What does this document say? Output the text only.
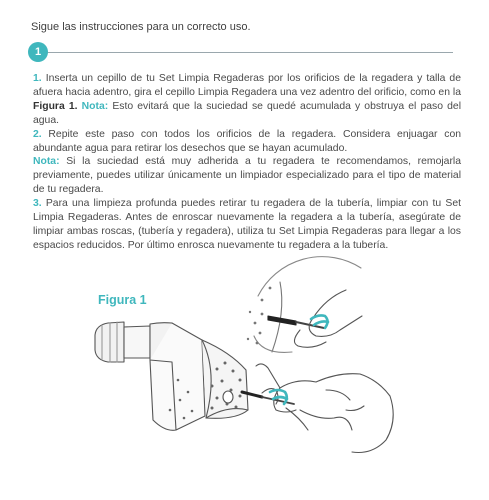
Sigue las instrucciones para un correcto uso.
1

1. Inserta un cepillo de tu Set Limpia Regaderas por los orificios de la regadera y talla de afuera hacia adentro, gira el cepillo Limpia Regadera una vez adentro del orificio, como en la Figura 1. Nota: Esto evitará que la suciedad se quedé acumulada y obstruya el paso del agua.

2. Repite este paso con todos los orificios de la regadera. Considera enjuagar con abundante agua para retirar los desechos que se hayan acumulado.

Nota: Si la suciedad está muy adherida a tu regadera te recomendamos, remojarla previamente, puedes utilizar únicamente un limpiador especializado para el tipo de material de tu regadera.

3. Para una limpieza profunda puedes retirar tu regadera de la tubería, limpiar con tu Set Limpia Regaderas. Antes de enroscar nuevamente la regadera a la tubería, asegúrate de limpiar ambas roscas, (tubería y regadera), utiliza tu Set Limpia Regaderas para llegar a los espacios reducidos. Por último enrosca nuevamente tu regadera a la tubería.

Figura 1
